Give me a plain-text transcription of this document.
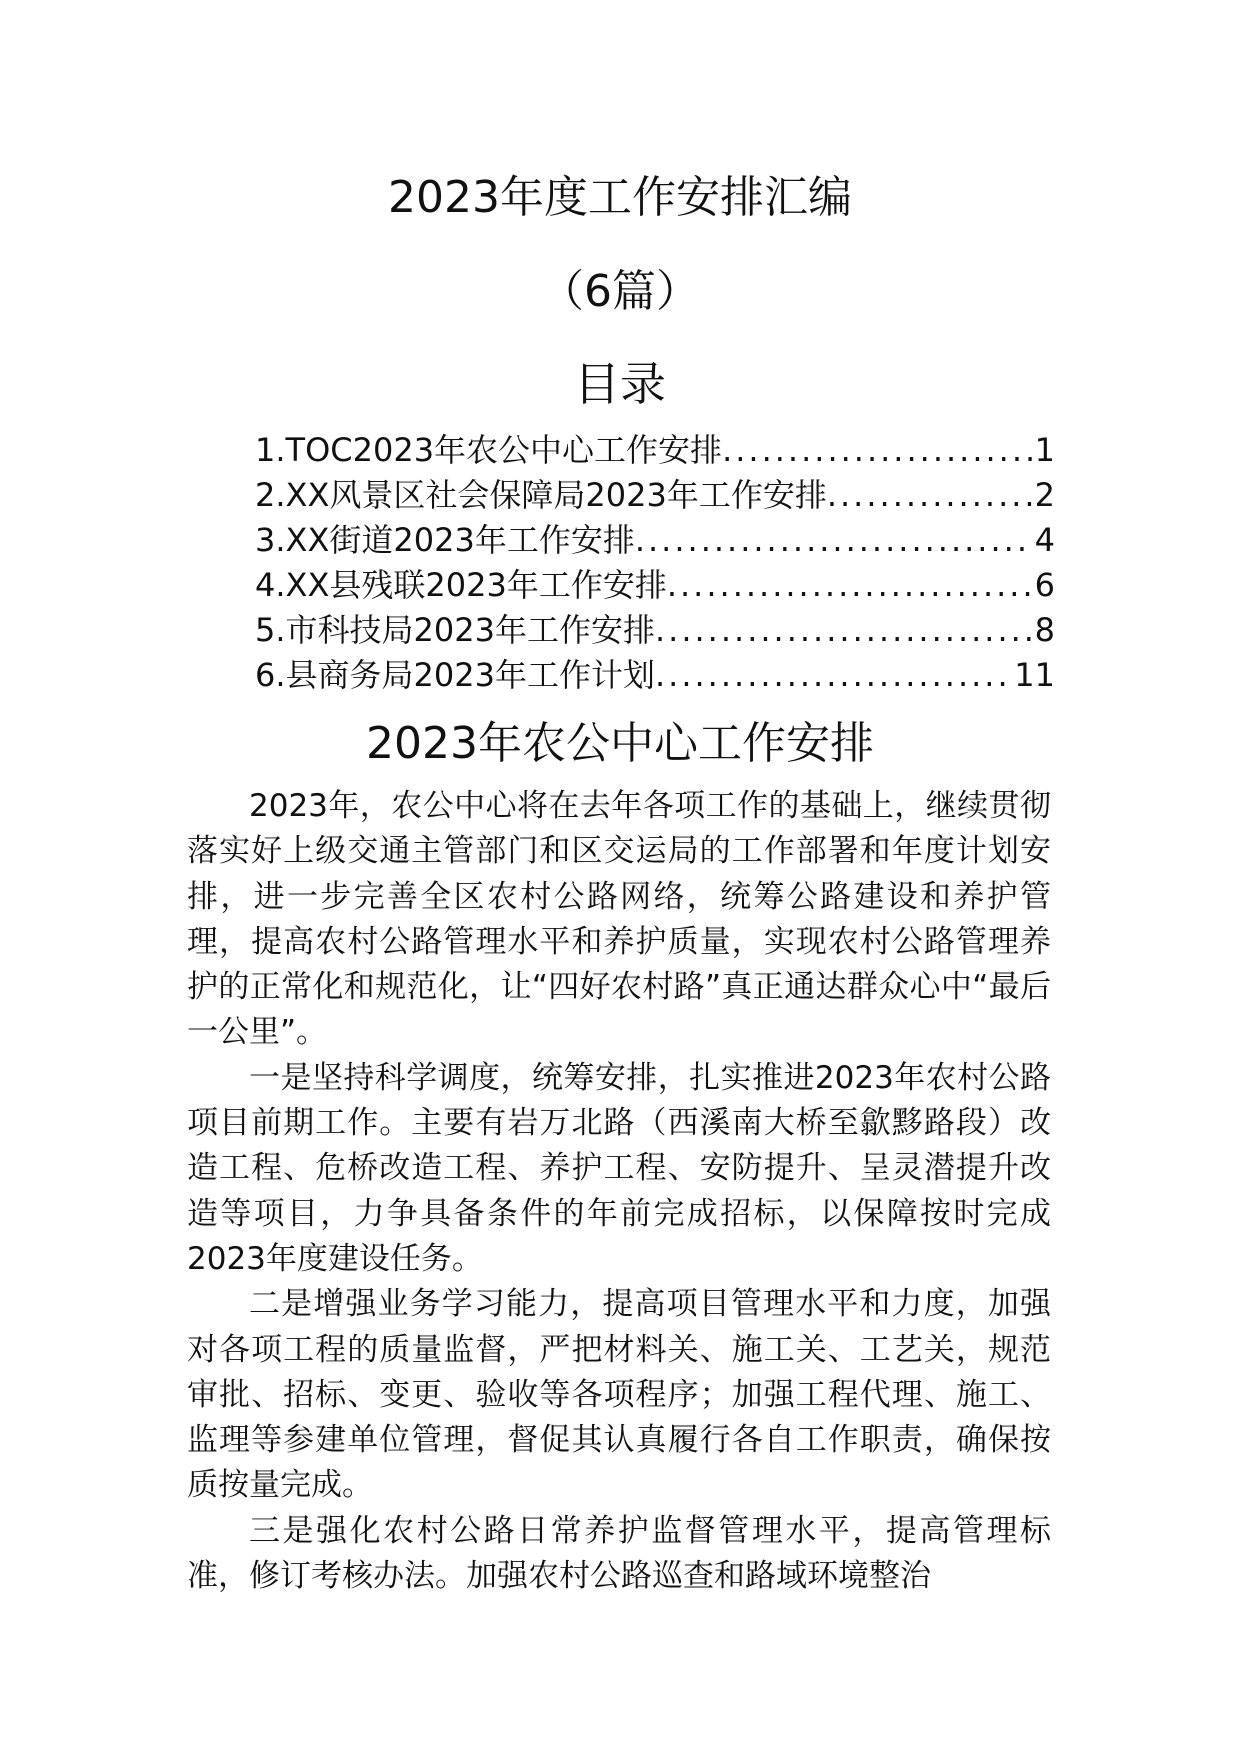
2023年度工作安排汇编
（6篇）
目录
1.TOC2023年农公中心工作安排 .....	1
2.XX风景区社会保障局2023年工作安排 .....	2
3.XX街道2023年工作安排 .....	4
4.XX县残联2023年工作安排 .....	6
5.市科技局2023年工作安排 .....	8
6.县商务局2023年工作计划 .....	11
2023年农公中心工作安排

2023年，农公中心将在去年各项工作的基础上，继续贯彻落实好上级交通主管部门和区交运局的工作部署和年度计划安排，进一步完善全区农村公路网络，统筹公路建设和养护管理，提高农村公路管理水平和养护质量，实现农村公路管理养护的正常化和规范化，让“四好农村路”真正通达群众心中“最后一公里”。

一是坚持科学调度，统筹安排，扎实推进2023年农村公路项目前期工作。主要有岩万北路（西溪南大桥至歙黟路段）改造工程、危桥改造工程、养护工程、安防提升、呈灵潜提升改造等项目，力争具备条件的年前完成招标，以保障按时完成2023年度建设任务。

二是增强业务学习能力，提高项目管理水平和力度，加强对各项工程的质量监督，严把材料关、施工关、工艺关，规范审批、招标、变更、验收等各项程序；加强工程代理、施工、监理等参建单位管理，督促其认真履行各自工作职责，确保按质按量完成。

三是强化农村公路日常养护监督管理水平，提高管理标准，修订考核办法。加强农村公路巡查和路域环境整治
